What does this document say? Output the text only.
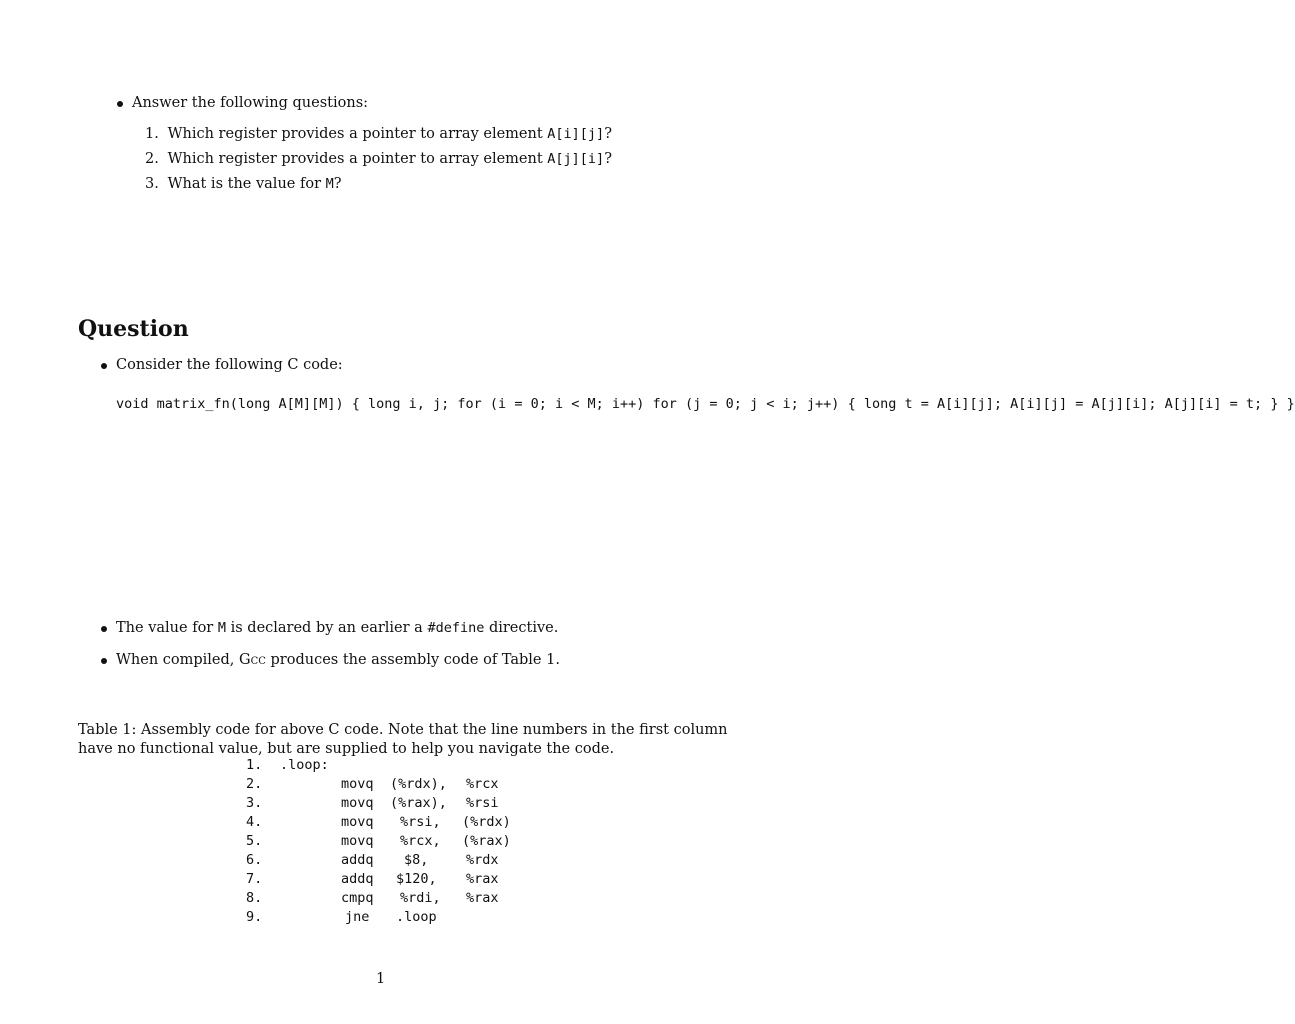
Answer the following questions:
1. Which register provides a pointer to array element A[i][j]?
2. Which register provides a pointer to array element A[j][i]?
3. What is the value for M?
Question
Consider the following C code:
void matrix_fn(long A[M][M]) { long i, j; for (i = 0; i < M; i++) for (j = 0; j < i; j++) { long t = A[i][j]; A[i][j] = A[j][i]; A[j][i] = t; } }
The value for M is declared by an earlier a #define directive.
When compiled, Gcc produces the assembly code of Table 1.
Table 1: Assembly code for above C code. Note that the line numbers in the first column
have no functional value, but are supplied to help you navigate the code.
1. .loop:
2.	movq (%rdx), %rcx
3.	movq (%rax), %rsi
4.	movq %rsi, (%rdx)
5.	movq %rcx, (%rax)
6.	addq $8,	%rdx
7.	addq $120, %rax
8.	cmpq %rdi, %rax
9.	jne .loop
1
